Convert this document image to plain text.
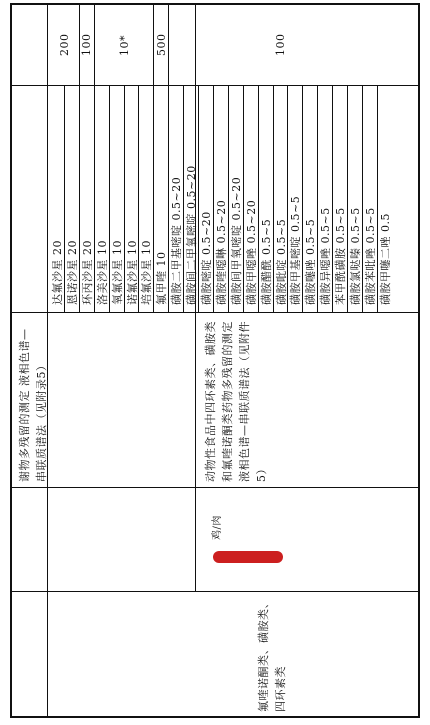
达氟沙星 20 恩诺沙星 20 环丙沙星 20 洛美沙星 10 氧氟沙星 10 诺氟沙星 10 培氟沙星 10 氟甲喹 10 磺胺二甲基嘧啶 0.5~20 磺胺间二甲氧嘧啶 0.5~20 磺胺嘧啶 0.5~20 磺胺喹噁啉 0.5~20 磺胺间甲氧嘧啶 0.5~20 磺胺甲噁唑 0.5~20 磺胺醋酰 0.5~5 磺胺吡啶 0.5~5 磺胺甲基嘧啶 0.5~5 磺胺噻唑 0.5~5 磺胺异噁唑 0.5~5 苯甲酰磺胺 0.5~5 磺胺氯哒嗪 0.5~5 磺胺苯吡唑 0.5~5 磺胺甲噻二唑 0.5
200 100 10* 500	100
氟喹诺酮类、磺胺类、四环素类
鸡/肉
谢物多残留的测定 液相色谱—串联质谱法（见附录5）	动物性食品中四环素类、磺胺类和氟喹诺酮类药物多残留的测定 液相色谱—串联质谱法（见附件5）
